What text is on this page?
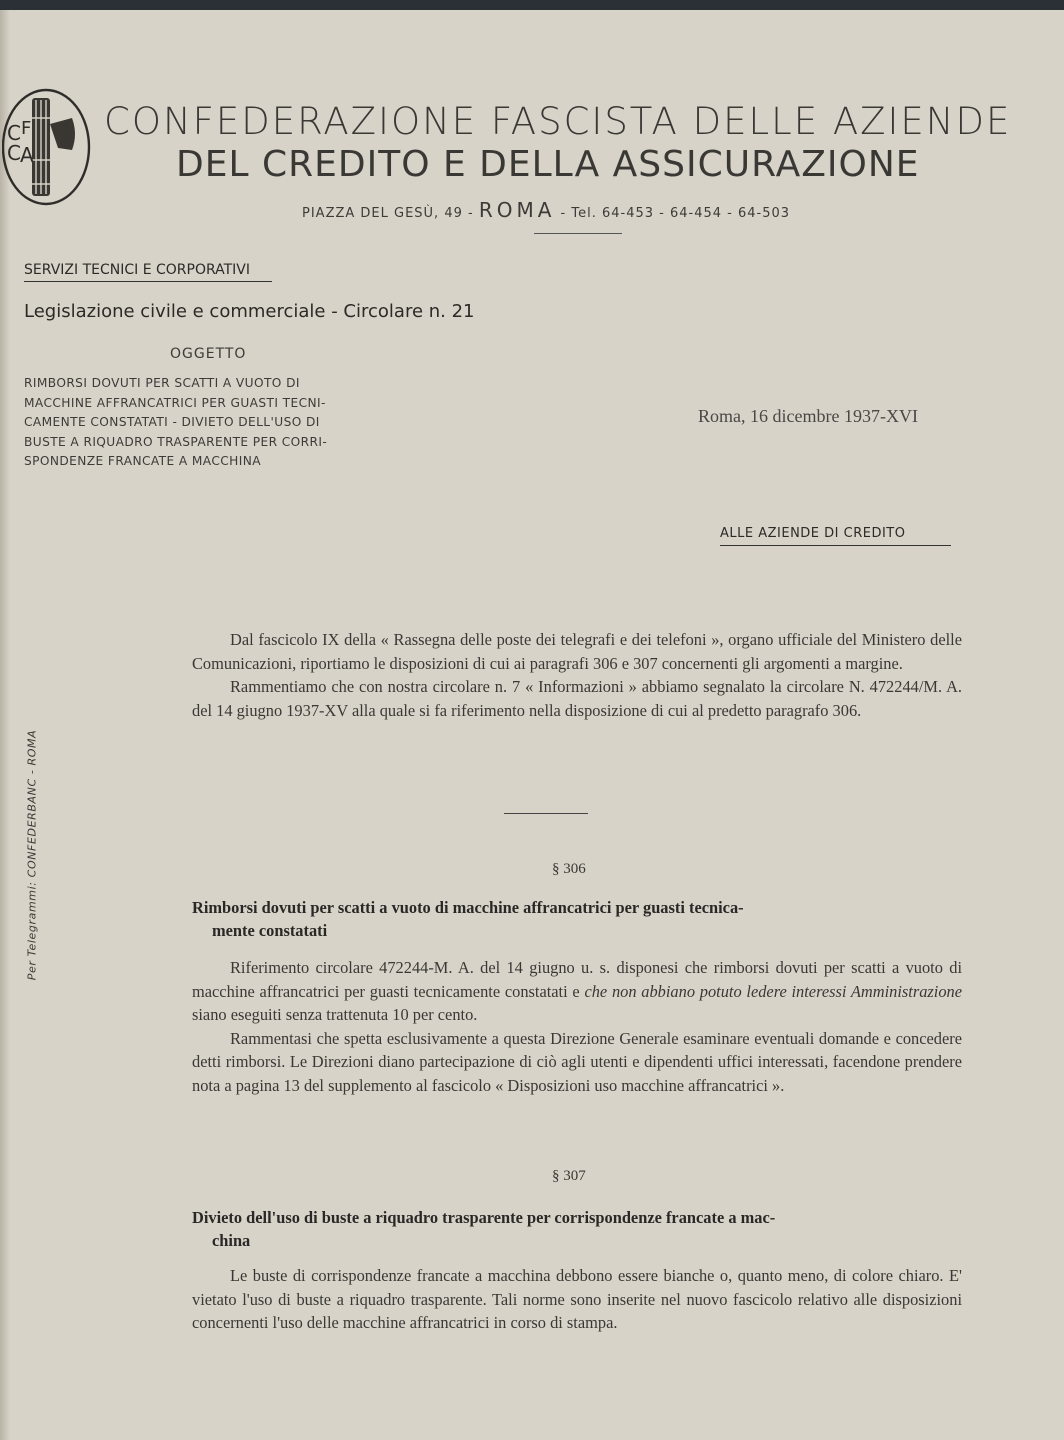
C F
C A
CONFEDERAZIONE FASCISTA DELLE AZIENDE
DEL CREDITO E DELLA ASSICURAZIONE
PIAZZA DEL GESÙ, 49 - ROMA - Tel. 64-453 - 64-454 - 64-503
SERVIZI TECNICI E CORPORATIVI
Legislazione civile e commerciale - Circolare n. 21
OGGETTO
RIMBORSI DOVUTI PER SCATTI A VUOTO DI
MACCHINE AFFRANCATRICI PER GUASTI TECNI-
CAMENTE CONSTATATI - DIVIETO DELL'USO DI
BUSTE A RIQUADRO TRASPARENTE PER CORRI-
SPONDENZE FRANCATE A MACCHINA
Roma, 16 dicembre 1937-XVI
ALLE AZIENDE DI CREDITO
Per Telegrammi: CONFEDERBANC - ROMA

Dal fascicolo IX della « Rassegna delle poste dei telegrafi e dei telefoni », organo ufficiale del Ministero delle Comunicazioni, riportiamo le disposizioni di cui ai paragrafi 306 e 307 concernenti gli argomenti a margine.

Rammentiamo che con nostra circolare n. 7 « Informazioni » abbiamo segnalato la circolare N. 472244/M. A. del 14 giugno 1937-XV alla quale si fa riferimento nella disposizione di cui al predetto paragrafo 306.

§ 306
Rimborsi dovuti per scatti a vuoto di macchine affrancatrici per guasti tecnica-
mente constatati

Riferimento circolare 472244-M. A. del 14 giugno u. s. disponesi che rimborsi dovuti per scatti a vuoto di macchine affrancatrici per guasti tecnicamente constatati e che non abbiano potuto ledere interessi Amministrazione siano eseguiti senza trattenuta 10 per cento.

Rammentasi che spetta esclusivamente a questa Direzione Generale esaminare eventuali domande e concedere detti rimborsi. Le Direzioni diano partecipazione di ciò agli utenti e dipendenti uffici interessati, facendone prendere nota a pagina 13 del supplemento al fascicolo « Disposizioni uso macchine affrancatrici ».

§ 307
Divieto dell'uso di buste a riquadro trasparente per corrispondenze francate a mac-
china

Le buste di corrispondenze francate a macchina debbono essere bianche o, quanto meno, di colore chiaro. E' vietato l'uso di buste a riquadro trasparente. Tali norme sono inserite nel nuovo fascicolo relativo alle disposizioni concernenti l'uso delle macchine affrancatrici in corso di stampa.
